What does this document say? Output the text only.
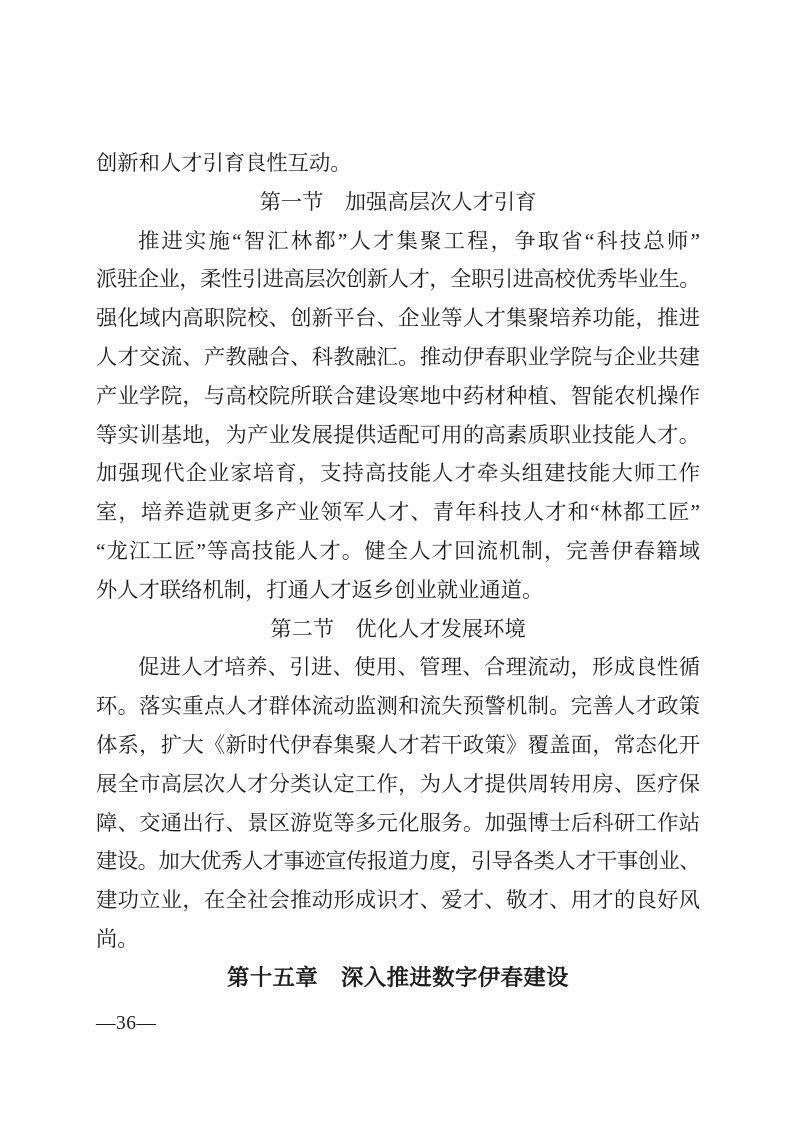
创新和人才引育良性互动。
第一节　加强高层次人才引育
推进实施“智汇林都”人才集聚工程，争取省“科技总师”
派驻企业，柔性引进高层次创新人才，全职引进高校优秀毕业生。
强化域内高职院校、创新平台、企业等人才集聚培养功能，推进
人才交流、产教融合、科教融汇。推动伊春职业学院与企业共建
产业学院，与高校院所联合建设寒地中药材种植、智能农机操作
等实训基地，为产业发展提供适配可用的高素质职业技能人才。
加强现代企业家培育，支持高技能人才牵头组建技能大师工作
室，培养造就更多产业领军人才、青年科技人才和“林都工匠”
“龙江工匠”等高技能人才。健全人才回流机制，完善伊春籍域
外人才联络机制，打通人才返乡创业就业通道。
第二节　优化人才发展环境
促进人才培养、引进、使用、管理、合理流动，形成良性循
环。落实重点人才群体流动监测和流失预警机制。完善人才政策
体系，扩大《新时代伊春集聚人才若干政策》覆盖面，常态化开
展全市高层次人才分类认定工作，为人才提供周转用房、医疗保
障、交通出行、景区游览等多元化服务。加强博士后科研工作站
建设。加大优秀人才事迹宣传报道力度，引导各类人才干事创业、
建功立业，在全社会推动形成识才、爱才、敬才、用才的良好风
尚。
第十五章　深入推进数字伊春建设
—36—
